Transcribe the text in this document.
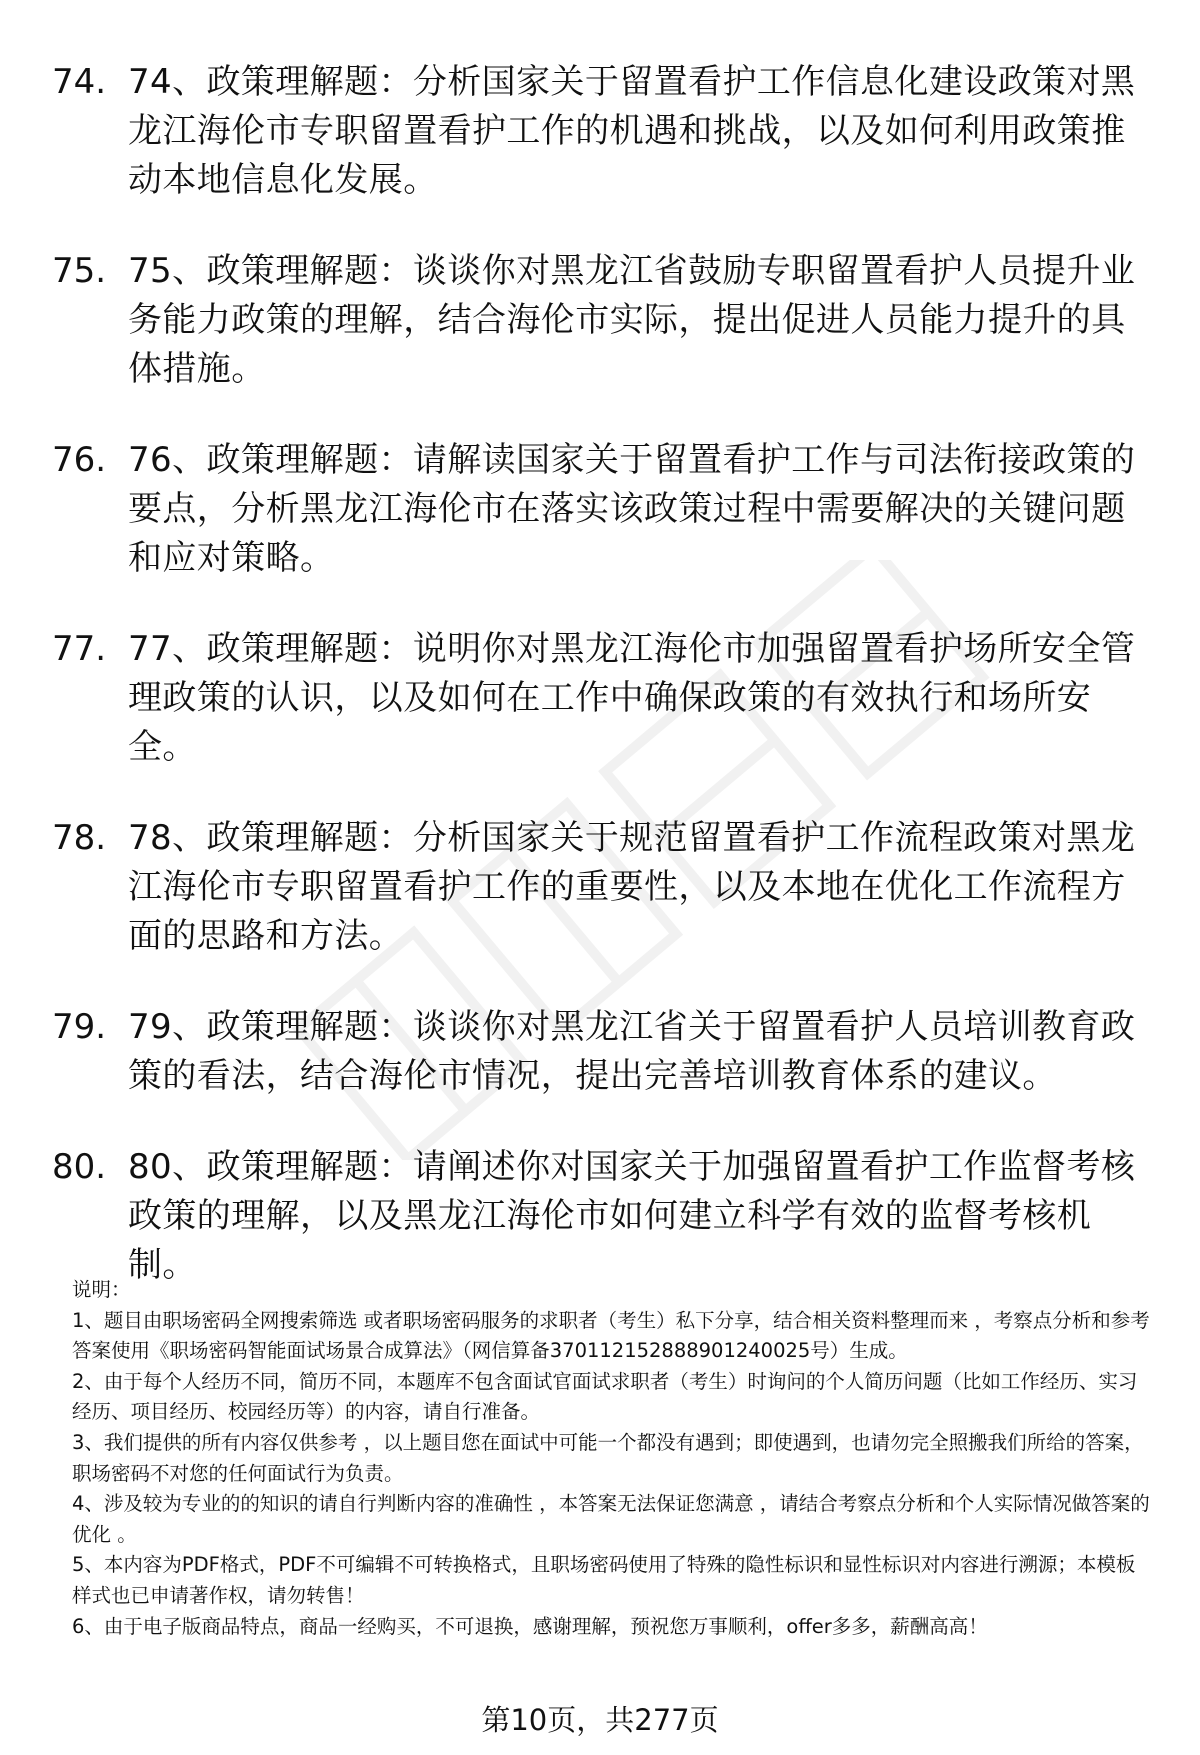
74. 74、政策理解题：分析国家关于留置看护工作信息化建设政策对黑龙江海伦市专职留置看护工作的机遇和挑战，以及如何利用政策推动本地信息化发展。
75. 75、政策理解题：谈谈你对黑龙江省鼓励专职留置看护人员提升业务能力政策的理解，结合海伦市实际，提出促进人员能力提升的具体措施。
76. 76、政策理解题：请解读国家关于留置看护工作与司法衔接政策的要点，分析黑龙江海伦市在落实该政策过程中需要解决的关键问题和应对策略。
77. 77、政策理解题：说明你对黑龙江海伦市加强留置看护场所安全管理政策的认识，以及如何在工作中确保政策的有效执行和场所安全。
78. 78、政策理解题：分析国家关于规范留置看护工作流程政策对黑龙江海伦市专职留置看护工作的重要性，以及本地在优化工作流程方面的思路和方法。
79. 79、政策理解题：谈谈你对黑龙江省关于留置看护人员培训教育政策的看法，结合海伦市情况，提出完善培训教育体系的建议。
80. 80、政策理解题：请阐述你对国家关于加强留置看护工作监督考核政策的理解，以及黑龙江海伦市如何建立科学有效的监督考核机制。

说明：

1、题目由职场密码全网搜索筛选 或者职场密码服务的求职者（考生）私下分享，结合相关资料整理而来 ，考察点分析和参考答案使用《职场密码智能面试场景合成算法》（网信算备370112152888901240025号）生成。

2、由于每个人经历不同，简历不同，本题库不包含面试官面试求职者（考生）时询问的个人简历问题（比如工作经历、实习经历、项目经历、校园经历等）的内容，请自行准备。

3、我们提供的所有内容仅供参考 ，以上题目您在面试中可能一个都没有遇到；即使遇到，也请勿完全照搬我们所给的答案，职场密码不对您的任何面试行为负责。

4、涉及较为专业的的知识的请自行判断内容的准确性 ，本答案无法保证您满意 ，请结合考察点分析和个人实际情况做答案的优化 。

5、本内容为PDF格式，PDF不可编辑不可转换格式，且职场密码使用了特殊的隐性标识和显性标识对内容进行溯源；本模板样式也已申请著作权，请勿转售！

6、由于电子版商品特点，商品一经购买，不可退换，感谢理解，预祝您万事顺利，offer多多，薪酬高高！

第10页，共277页
